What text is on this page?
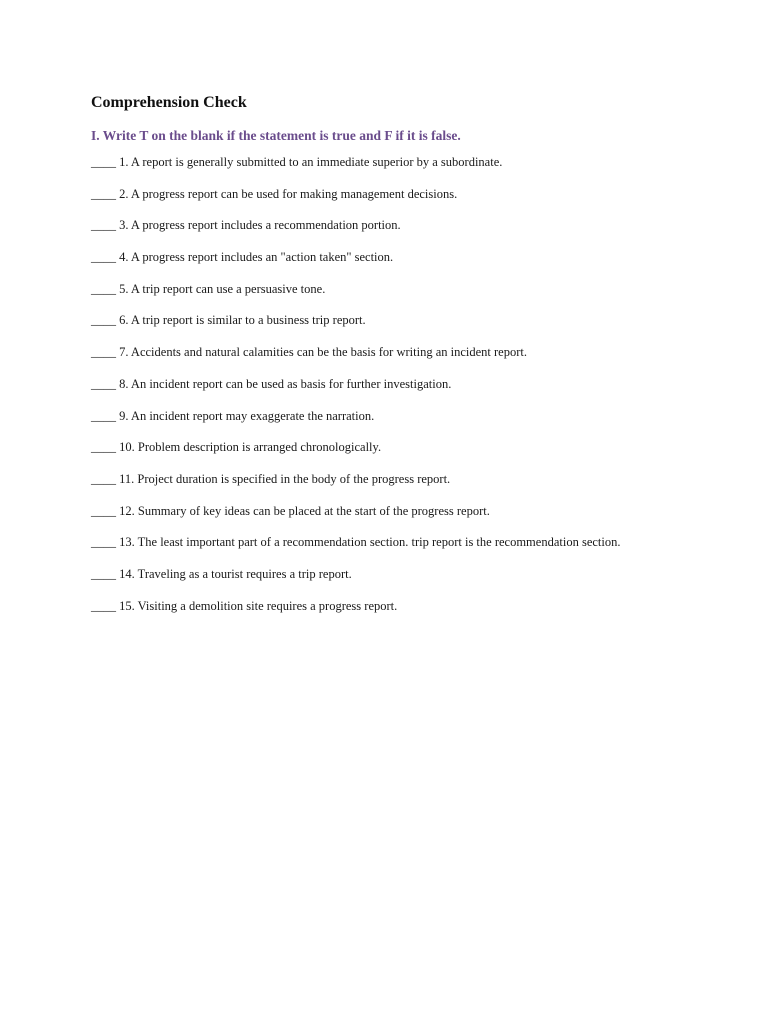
Comprehension Check
I. Write T on the blank if the statement is true and F if it is false.
____ 1. A report is generally submitted to an immediate superior by a subordinate.
____ 2. A progress report can be used for making management decisions.
____ 3. A progress report includes a recommendation portion.
____ 4. A progress report includes an "action taken" section.
____ 5. A trip report can use a persuasive tone.
____ 6. A trip report is similar to a business trip report.
____ 7. Accidents and natural calamities can be the basis for writing an incident report.
____ 8. An incident report can be used as basis for further investigation.
____ 9. An incident report may exaggerate the narration.
____ 10. Problem description is arranged chronologically.
____ 11. Project duration is specified in the body of the progress report.
____ 12. Summary of key ideas can be placed at the start of the progress report.
____ 13. The least important part of a recommendation section. trip report is the recommendation section.
____ 14. Traveling as a tourist requires a trip report.
____ 15. Visiting a demolition site requires a progress report.
